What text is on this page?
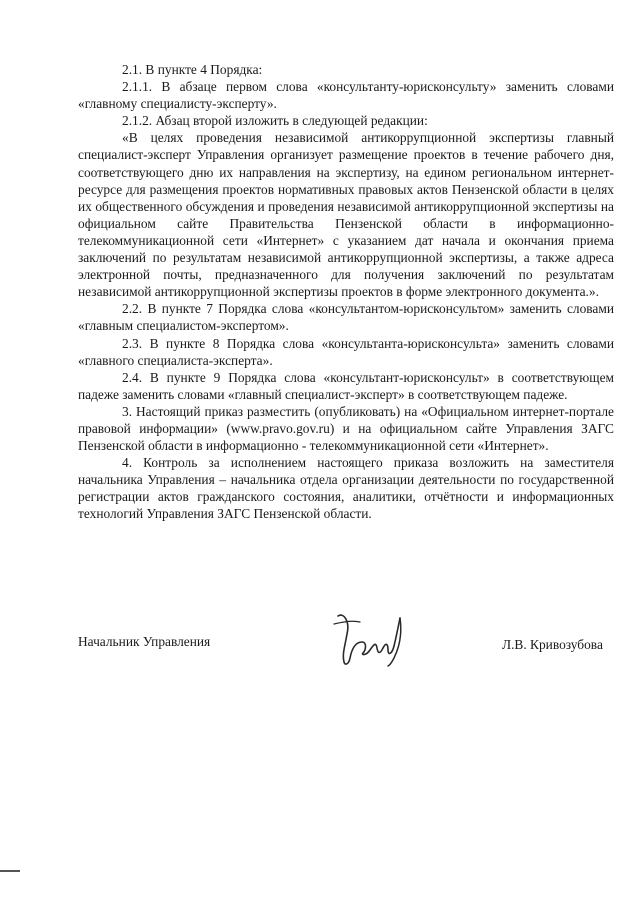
2.1. В пункте 4 Порядка:

2.1.1. В абзаце первом слова «консультанту-юрисконсульту» заменить словами «главному специалисту-эксперту».

2.1.2. Абзац второй изложить в следующей редакции:

«В целях проведения независимой антикоррупционной экспертизы главный специалист-эксперт Управления организует размещение проектов в течение рабочего дня, соответствующего дню их направления на экспертизу, на едином региональном интернет-ресурсе для размещения проектов нормативных правовых актов Пензенской области в целях их общественного обсуждения и проведения независимой антикоррупционной экспертизы на официальном сайте Правительства Пензенской области в информационно-телекоммуникационной сети «Интернет» с указанием дат начала и окончания приема заключений по результатам независимой антикоррупционной экспертизы, а также адреса электронной почты, предназначенного для получения заключений по результатам независимой антикоррупционной экспертизы проектов в форме электронного документа.».

2.2. В пункте 7 Порядка слова «консультантом-юрисконсультом» заменить словами «главным специалистом-экспертом».

2.3. В пункте 8 Порядка слова «консультанта-юрисконсульта» заменить словами «главного специалиста-эксперта».

2.4. В пункте 9 Порядка слова «консультант-юрисконсульт» в соответствующем падеже заменить словами «главный специалист-эксперт» в соответствующем падеже.

3. Настоящий приказ разместить (опубликовать) на «Официальном интернет-портале правовой информации» (www.pravo.gov.ru) и на официальном сайте Управления ЗАГС Пензенской области в информационно - телекоммуникационной сети «Интернет».

4. Контроль за исполнением настоящего приказа возложить на заместителя начальника Управления – начальника отдела организации деятельности по государственной регистрации актов гражданского состояния, аналитики, отчётности и информационных технологий Управления ЗАГС Пензенской области.

Начальник Управления	Л.В. Кривозубова
